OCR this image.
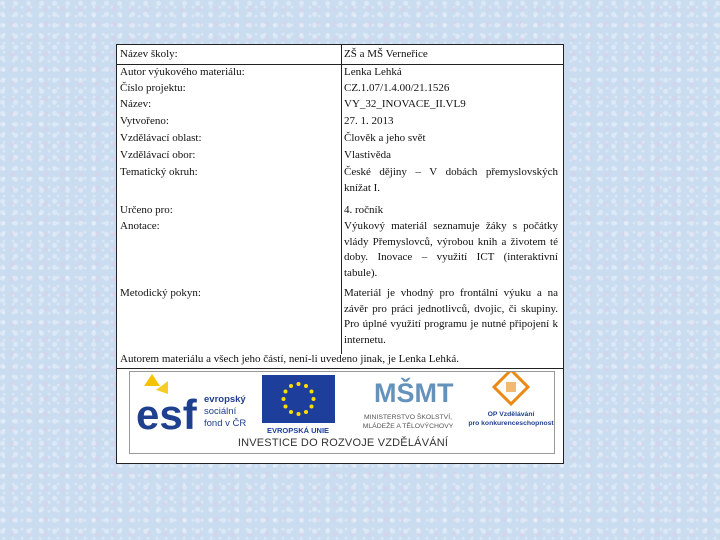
Název školy:	ZŠ a MŠ Verneřice
Autor výukového materiálu:	Lenka Lehká
Číslo projektu:	CZ.1.07/1.4.00/21.1526
Název:	VY_32_INOVACE_II.VL9
Vytvořeno:	27. 1. 2013
Vzdělávací oblast:	Člověk a jeho svět
Vzdělávací obor:	Vlastivěda
Tematický okruh:	České dějiny – V dobách přemyslovských knížat I.
Určeno pro:	4. ročník
Anotace:	Výukový materiál seznamuje žáky s počátky vlády Přemyslovců, výrobou knih a životem té doby. Inovace – využití ICT (interaktivní tabule).
Metodický pokyn:	Materiál je vhodný pro frontální výuku a na závěr pro práci jednotlivců, dvojic, či skupiny. Pro úplné využití programu je nutné připojení k internetu.
Autorem materiálu a všech jeho částí, není-li uvedeno jinak, je Lenka Lehká.
esf evropský
sociální
fond v ČR
EVROPSKÁ UNIE
MŠMT
MINISTERSTVO ŠKOLSTVÍ,
MLÁDEŽE A TĚLOVÝCHOVY
OP Vzdělávání
pro konkurenceschopnost
INVESTICE DO ROZVOJE VZDĚLÁVÁNÍ
